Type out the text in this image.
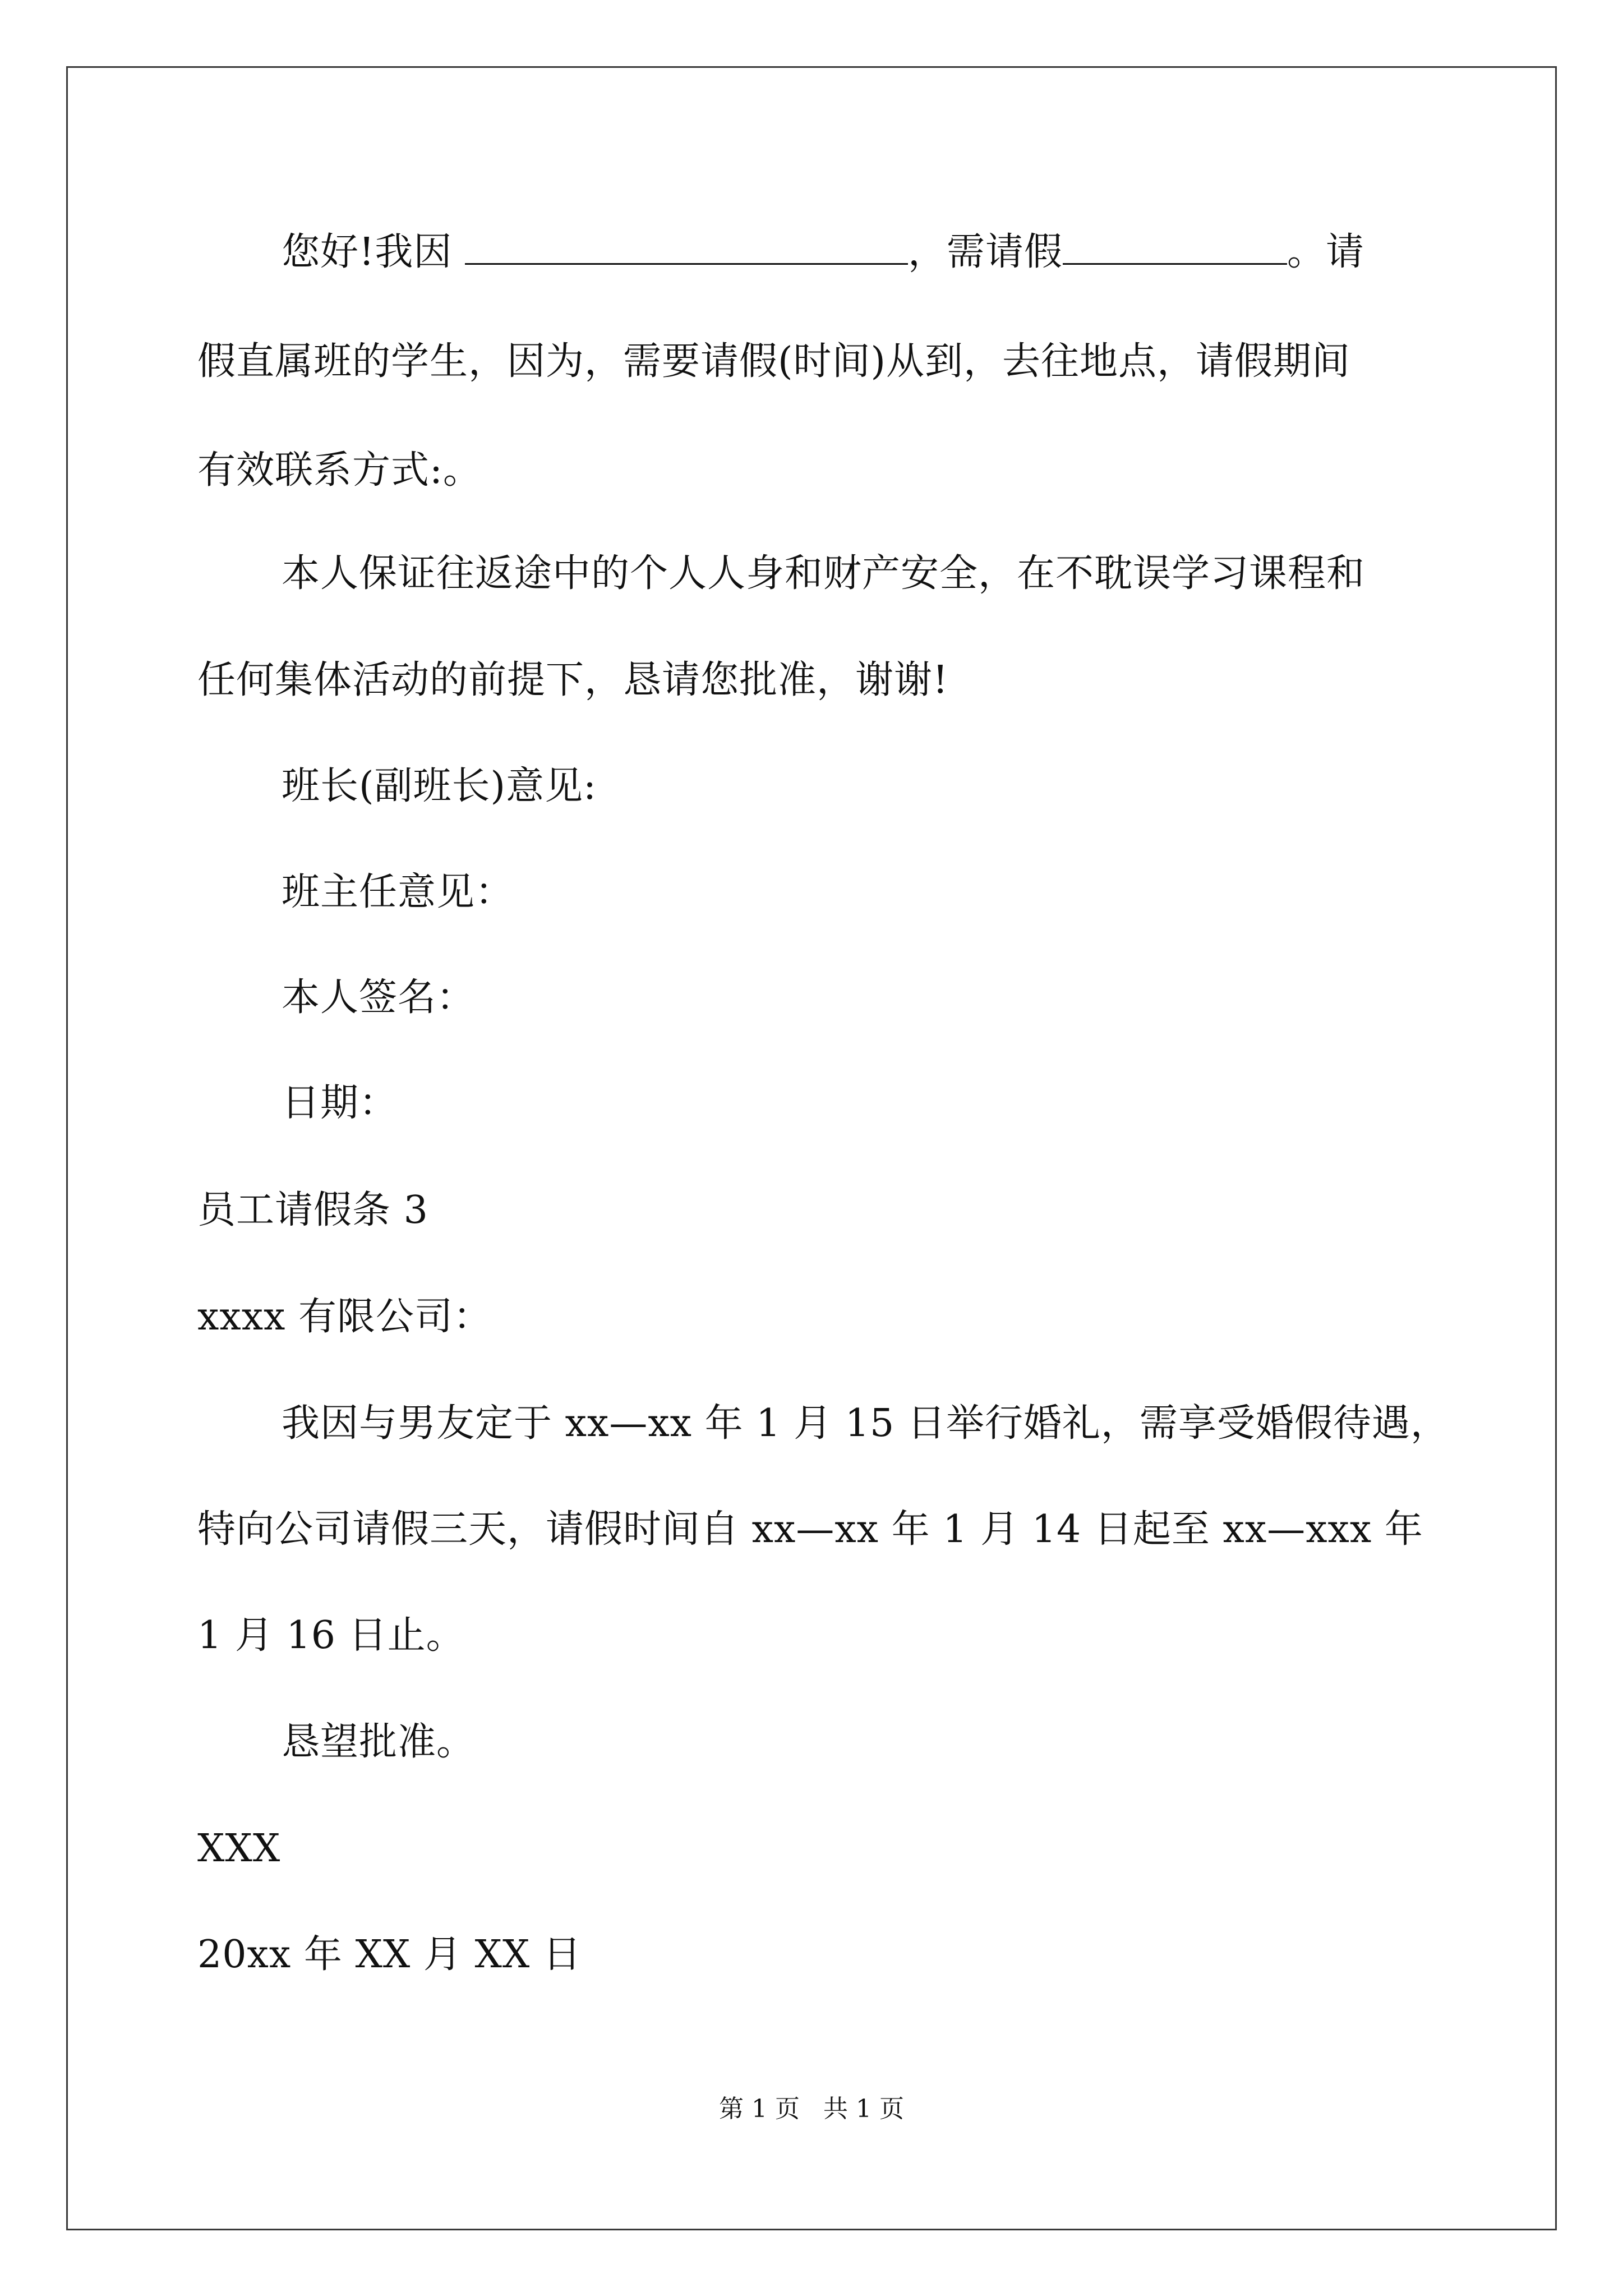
您好!我因	，需请假	。请
假直属班的学生，因为，需要请假(时间)从到，去往地点，请假期间
有效联系方式:。
本人保证往返途中的个人人身和财产安全，在不耽误学习课程和
任何集体活动的前提下，恳请您批准，谢谢!
班长(副班长)意见:
班主任意见：
本人签名：
日期：
员工请假条 3
xxxx 有限公司：
我因与男友定于 xx—xx 年 1 月 15 日举行婚礼，需享受婚假待遇，
特向公司请假三天，请假时间自 xx—xx 年 1 月 14 日起至 xx—xxx 年
1 月 16 日止。
恳望批准。
XXX
20xx 年 XX 月 XX 日
第 1 页   共 1 页
